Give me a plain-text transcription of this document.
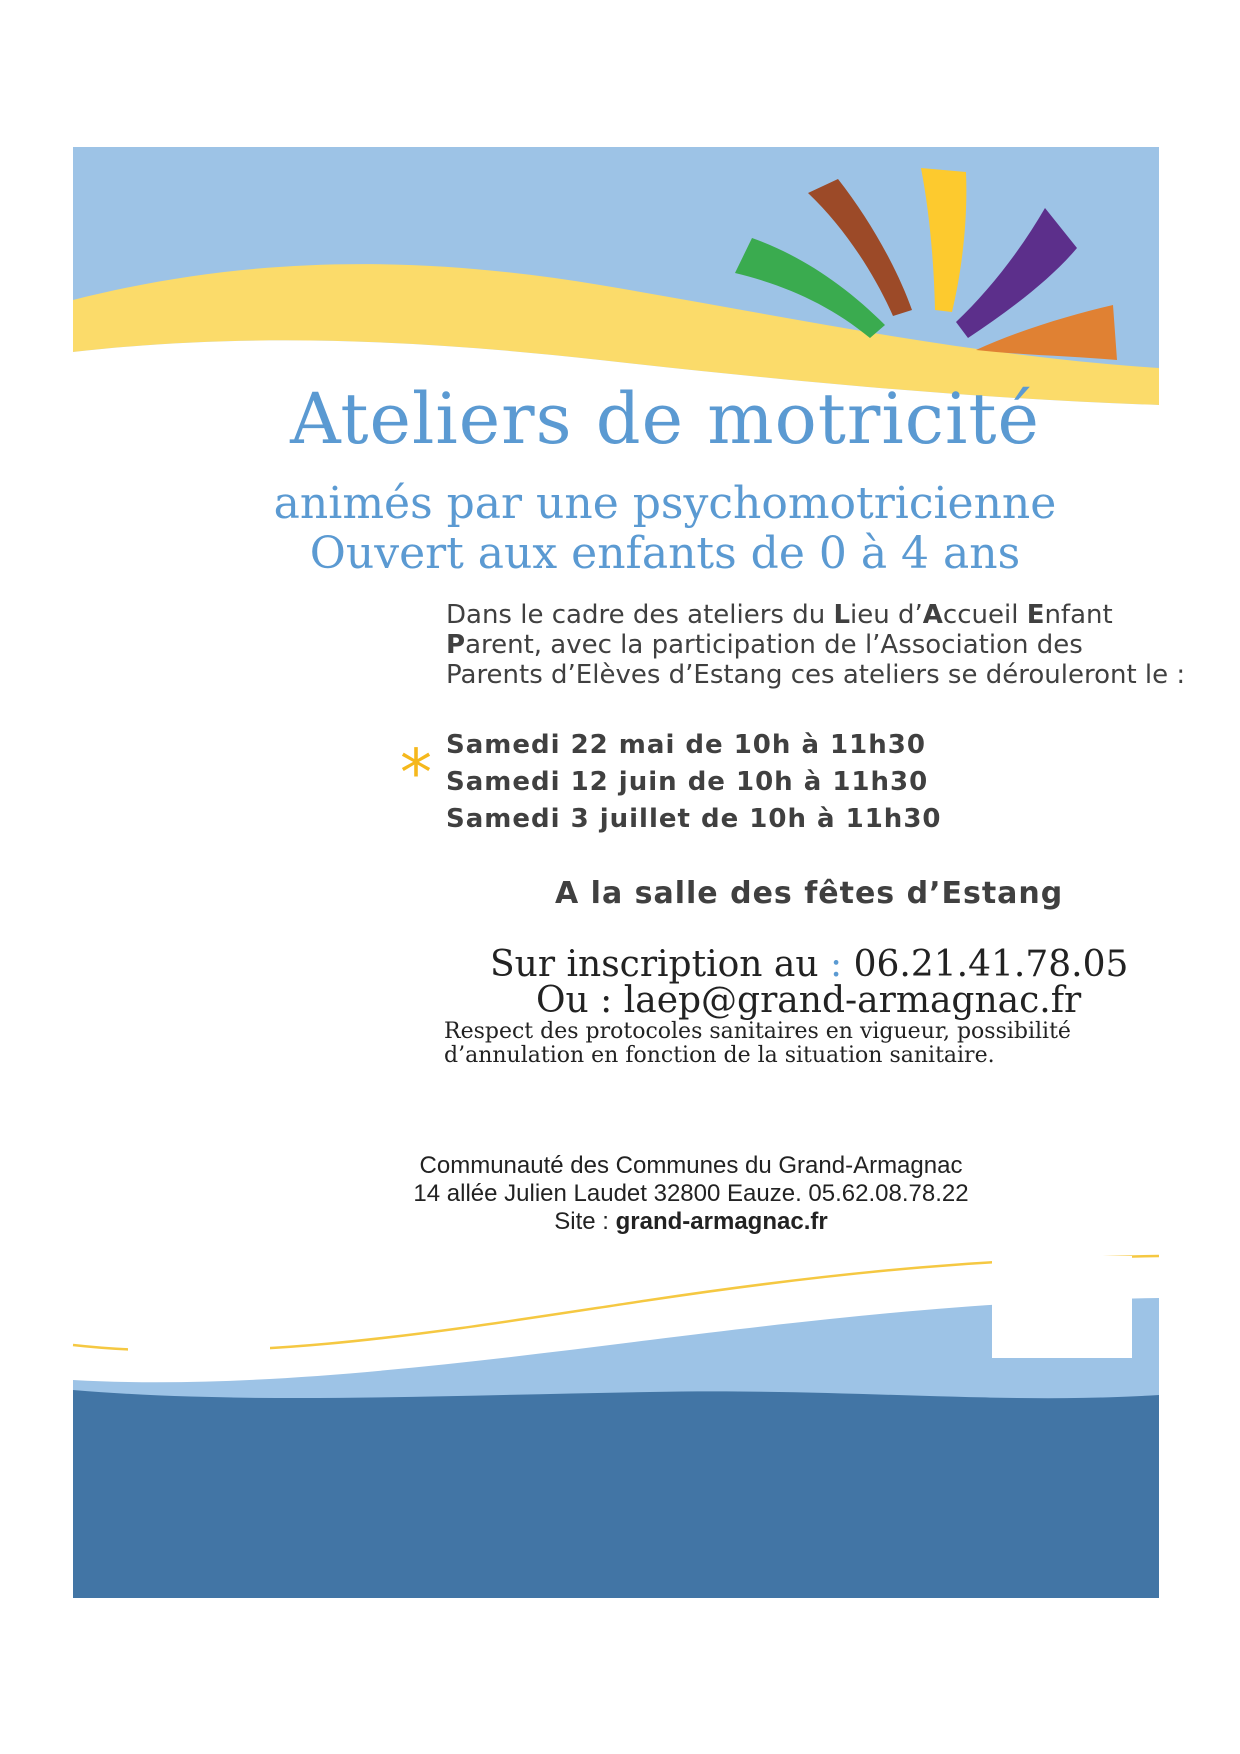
Ateliers de motricité
animés par une psychomotricienne
Ouvert aux enfants de 0 à 4 ans
Dans le cadre des ateliers du Lieu d’Accueil Enfant Parent, avec la participation de l’Association des Parents d’Elèves d’Estang ces ateliers se dérouleront le :
* Samedi 22 mai de 10h à 11h30
Samedi 12 juin de 10h à 11h30
Samedi 3 juillet de 10h à 11h30
A la salle des fêtes d’Estang
Sur inscription au : 06.21.41.78.05
Ou : laep@grand-armagnac.fr
Respect des protocoles sanitaires en vigueur, possibilité d’annulation en fonction de la situation sanitaire.
Communauté des Communes du Grand-Armagnac
14 allée Julien Laudet 32800 Eauze. 05.62.08.78.22
Site : grand-armagnac.fr
